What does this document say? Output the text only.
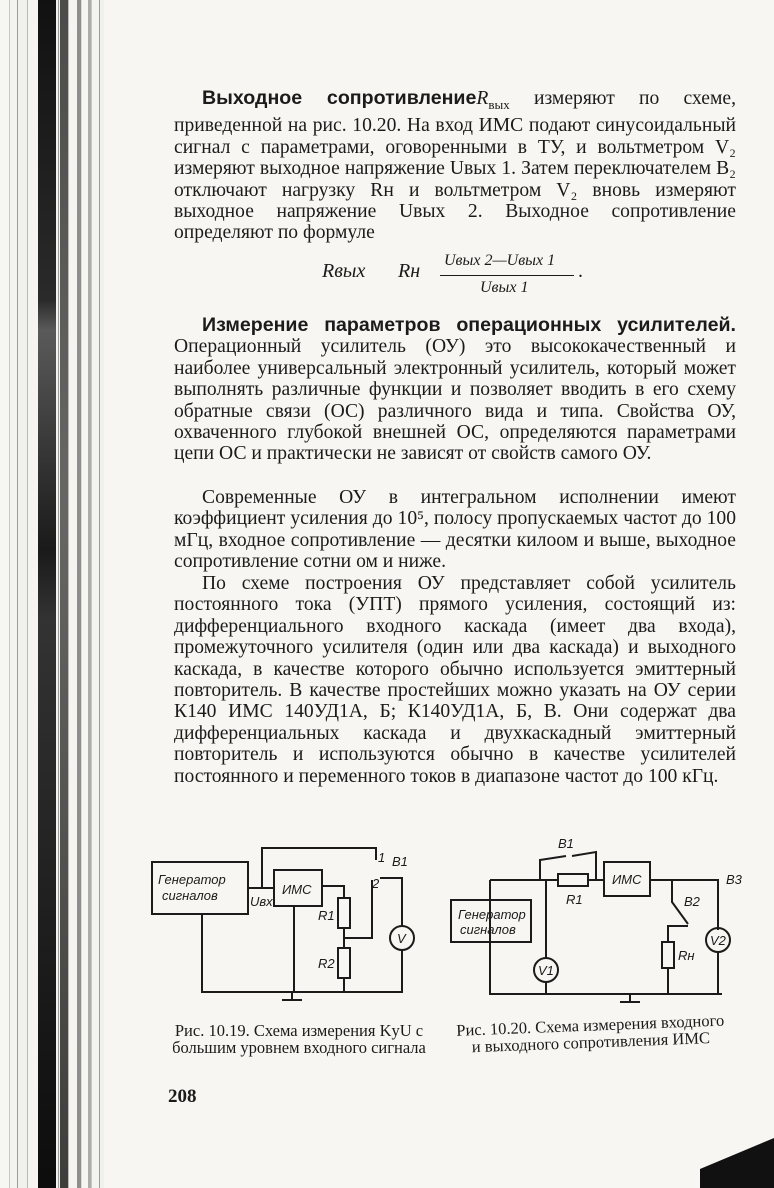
Выходное сопротивлениеR$_{вых}$ измеряют по схеме, приведенной на рис. 10.20. На вход ИМС подают синусоидальный сигнал с параметрами, оговоренными в ТУ, и вольтметром V₂ измеряют выходное напряжение Uвых 1. Затем переключателем B₂ отключают нагрузку Rн и вольтметром V₂ вновь измеряют выходное напряжение Uвых 2. Выходное сопротивление определяют по формуле

Rвых Rн Uвых 2—Uвых 1
Uвых 1
.

Измерение параметров операционных усилителей. Операционный усилитель (ОУ) это высококачественный и наиболее универсальный электронный усилитель, который может выполнять различные функции и позволяет вводить в его схему обратные связи (ОС) различного вида и типа. Свойства ОУ, охваченного глубокой внешней ОС, определяются параметрами цепи ОС и практически не зависят от свойств самого ОУ.

Современные ОУ в интегральном исполнении имеют коэффициент усиления до 10⁵, полосу пропускаемых частот до 100 мГц, входное сопротивление — десятки килоом и выше, выходное сопротивление сотни ом и ниже.

По схеме построения ОУ представляет собой усилитель постоянного тока (УПТ) прямого усиления, состоящий из: дифференциального входного каскада (имеет два входа), промежуточного усилителя (один или два каскада) и выходного каскада, в качестве которого обычно используется эмиттерный повторитель. В качестве простейших можно указать на ОУ серии К140 ИМС 140УД1А, Б; К140УД1А, Б, В. Они содержат два дифференциальных каскада и двухкаскадный эмиттерный повторитель и используются обычно в качестве усилителей постоянного и переменного токов в диапазоне частот до 100 кГц.

Генератор
сигналов	ИМС
Uвх
R1
R2
B1
1
2
V
Генератор
сигналов
ИМС
R1
Rн
B1
B2
B3
V1
V2
Рис. 10.19. Схема измерения KуU с большим уровнем входного сигнала
Рис. 10.20. Схема измерения входного и выходного сопротивления ИМС
208
